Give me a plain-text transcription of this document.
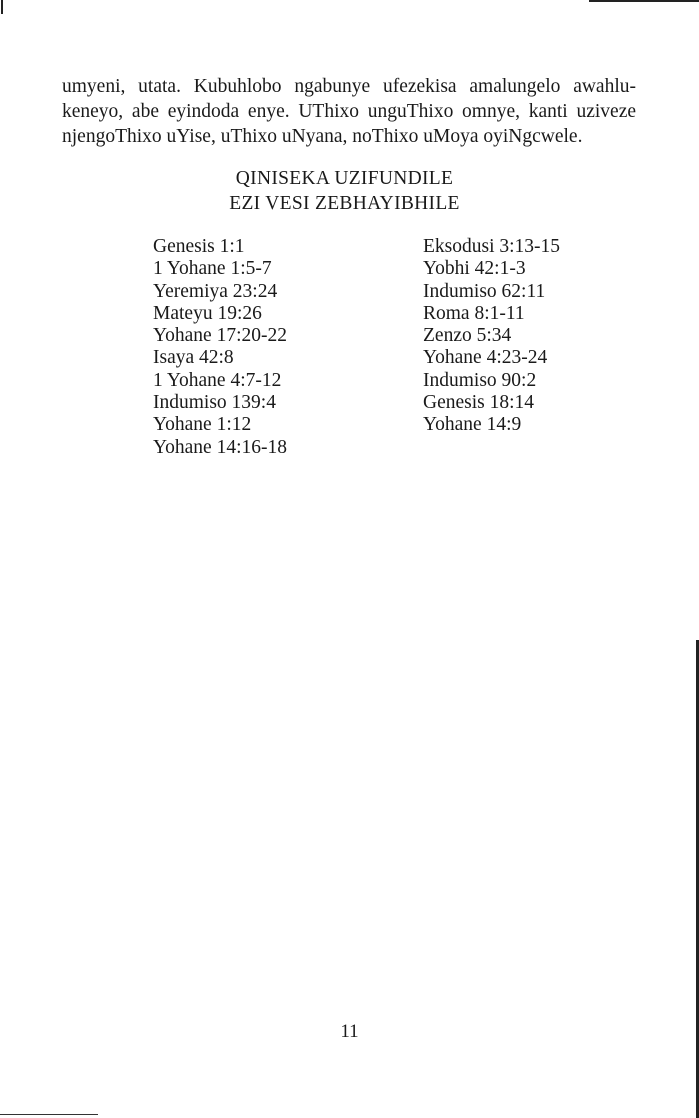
umyeni, utata. Kubuhlobo ngabunye ufezekisa amalungelo awahlu-
keneyo, abe eyindoda enye. UThixo unguThixo omnye, kanti uziveze
njengoThixo uYise, uThixo uNyana, noThixo uMoya oyiNgcwele.
QINISEKA UZIFUNDILE
EZI VESI ZEBHAYIBHILE
Genesis 1:1
1 Yohane 1:5-7
Yeremiya 23:24
Mateyu 19:26
Yohane 17:20-22
Isaya 42:8
1 Yohane 4:7-12
Indumiso 139:4
Yohane 1:12
Yohane 14:16-18
Eksodusi 3:13-15
Yobhi 42:1-3
Indumiso 62:11
Roma 8:1-11
Zenzo 5:34
Yohane 4:23-24
Indumiso 90:2
Genesis 18:14
Yohane 14:9
11
